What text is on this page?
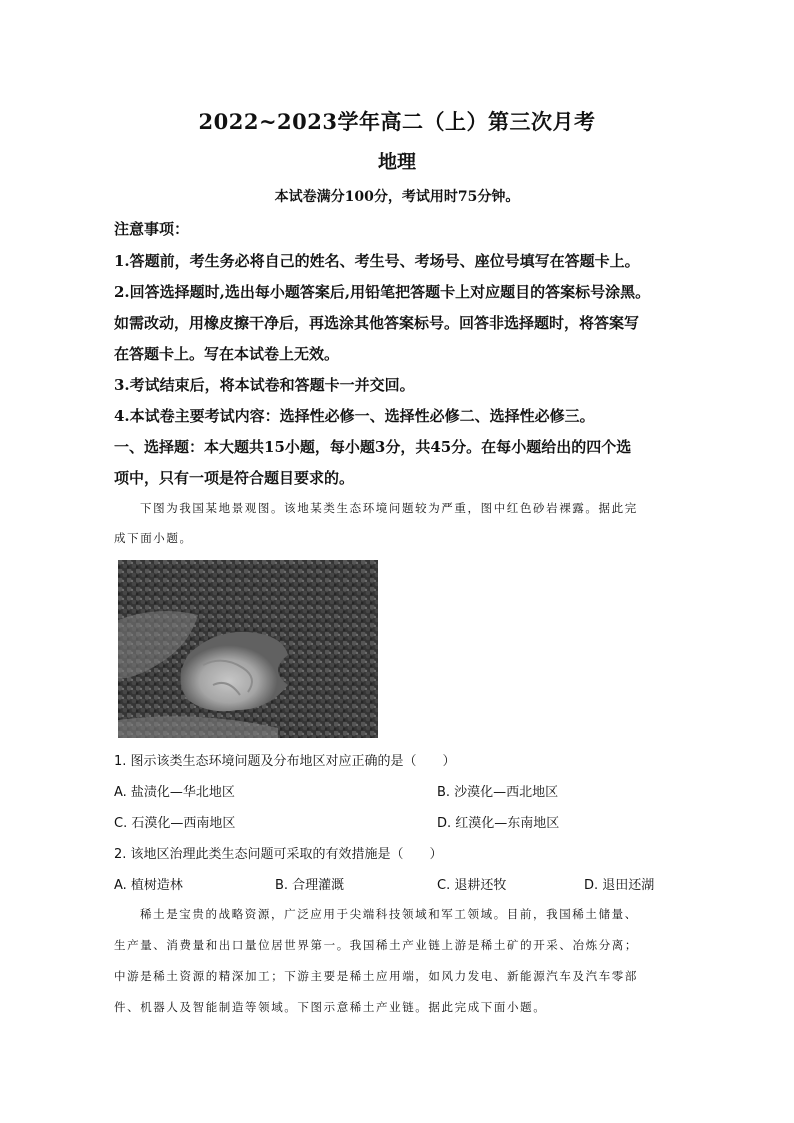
2022~2023学年高二（上）第三次月考
地理
本试卷满分100分，考试用时75分钟。
注意事项：
1.答题前，考生务必将自己的姓名、考生号、考场号、座位号填写在答题卡上。
2.回答选择题时,选出每小题答案后,用铅笔把答题卡上对应题目的答案标号涂黑。
如需改动，用橡皮擦干净后，再选涂其他答案标号。回答非选择题时，将答案写
在答题卡上。写在本试卷上无效。
3.考试结束后，将本试卷和答题卡一并交回。
4.本试卷主要考试内容：选择性必修一、选择性必修二、选择性必修三。
一、选择题：本大题共15小题，每小题3分，共45分。在每小题给出的四个选
项中，只有一项是符合题目要求的。
下图为我国某地景观图。该地某类生态环境问题较为严重，图中红色砂岩裸露。据此完
成下面小题。
1. 图示该类生态环境问题及分布地区对应正确的是（　　）
A. 盐渍化—华北地区	B. 沙漠化—西北地区
C. 石漠化—西南地区	D. 红漠化—东南地区
2. 该地区治理此类生态问题可采取的有效措施是（　　）
A. 植树造林	B. 合理灌溉	C. 退耕还牧	D. 退田还湖
稀土是宝贵的战略资源，广泛应用于尖端科技领域和军工领域。目前，我国稀土储量、
生产量、消费量和出口量位居世界第一。我国稀土产业链上游是稀土矿的开采、冶炼分离；
中游是稀土资源的精深加工；下游主要是稀土应用端，如风力发电、新能源汽车及汽车零部
件、机器人及智能制造等领域。下图示意稀土产业链。据此完成下面小题。
